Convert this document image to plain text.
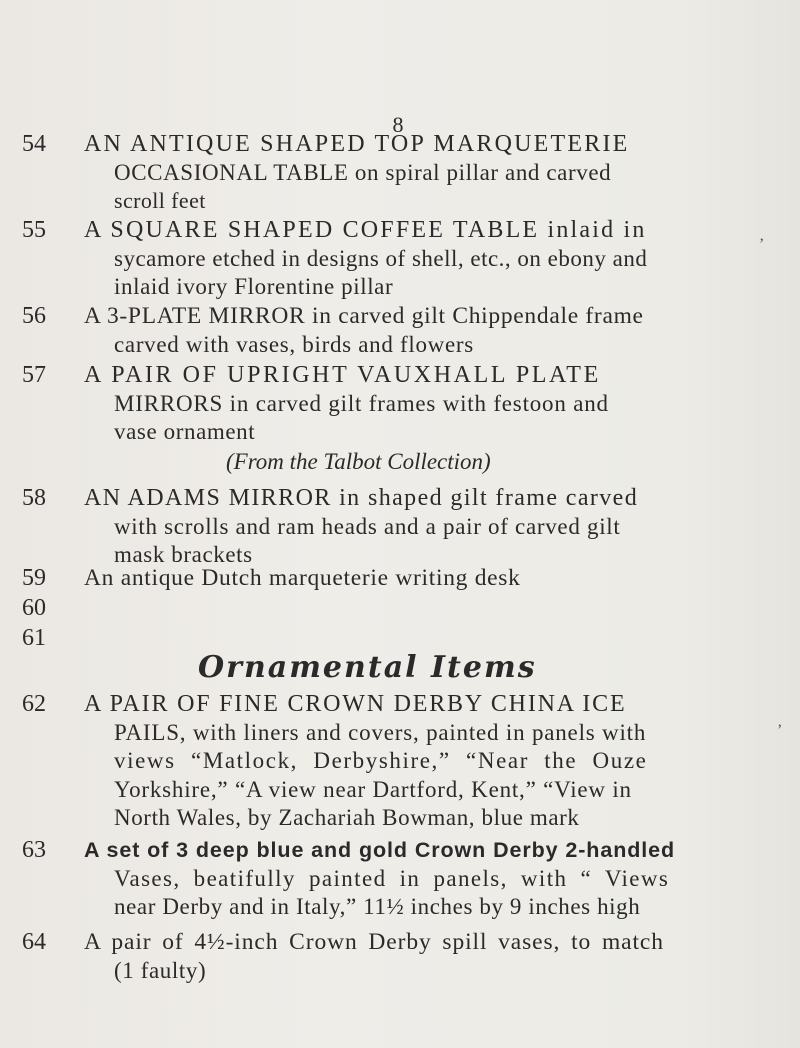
8
54	AN ANTIQUE SHAPED TOP MARQUETERIE
OCCASIONAL TABLE on spiral pillar and carved
scroll feet
55	A SQUARE SHAPED COFFEE TABLE inlaid in
sycamore etched in designs of shell, etc., on ebony and
inlaid ivory Florentine pillar
56	A 3-PLATE MIRROR in carved gilt Chippendale frame
carved with vases, birds and flowers
57	A PAIR OF UPRIGHT VAUXHALL PLATE
MIRRORS in carved gilt frames with festoon and
vase ornament
(From the Talbot Collection)
58	AN ADAMS MIRROR in shaped gilt frame carved
with scrolls and ram heads and a pair of carved gilt
mask brackets
59	An antique Dutch marqueterie writing desk
60
61
Ornamental Items
62	A PAIR OF FINE CROWN DERBY CHINA ICE
PAILS, with liners and covers, painted in panels with
views “Matlock, Derbyshire,” “Near the Ouze
Yorkshire,” “A view near Dartford, Kent,” “View in
North Wales, by Zachariah Bowman, blue mark
63	A set of 3 deep blue and gold Crown Derby 2-handled
Vases, beatifully painted in panels, with “ Views
near Derby and in Italy,” 11½ inches by 9 inches high
64	A pair of 4½-inch Crown Derby spill vases, to match
(1 faulty)
‚
’
